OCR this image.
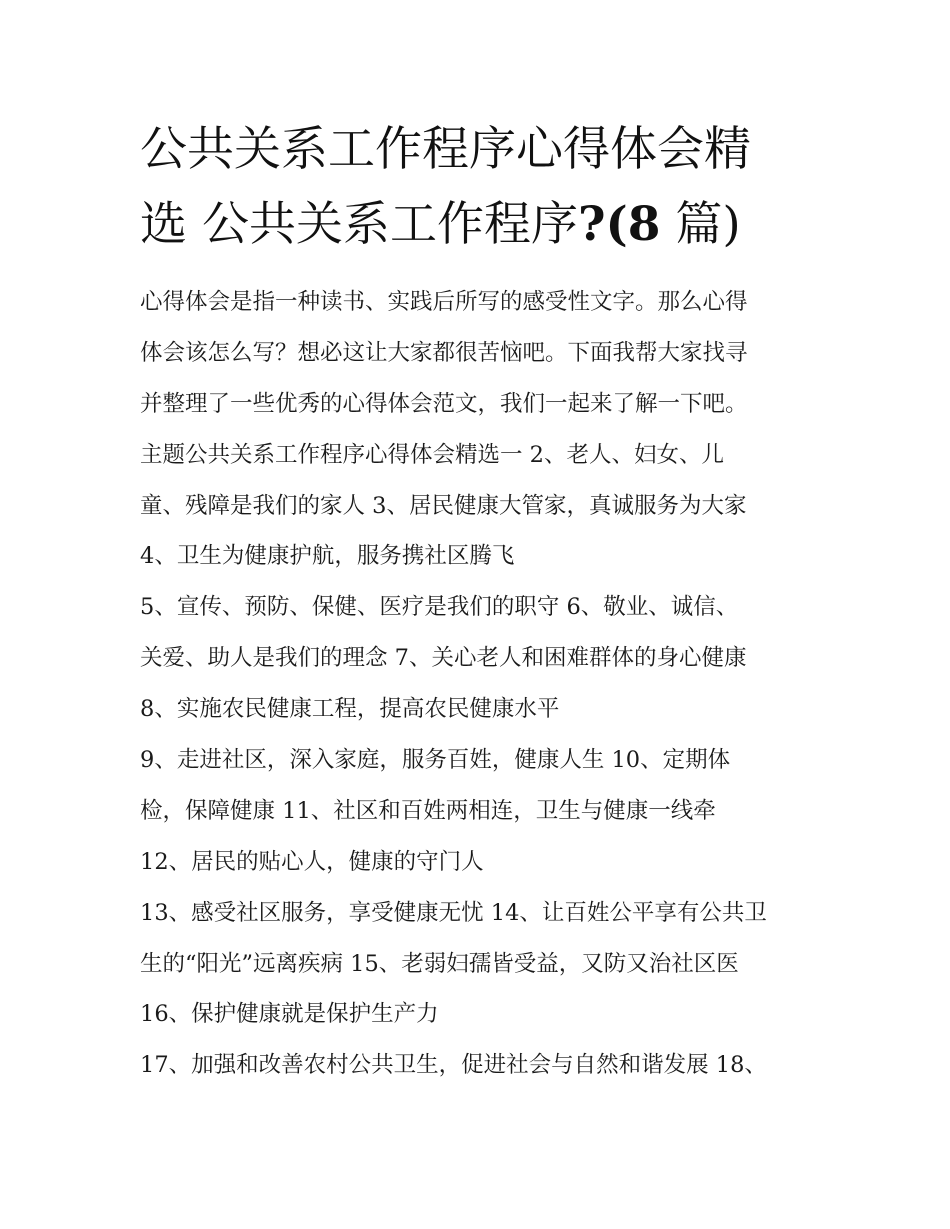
公共关系工作程序心得体会精
选 公共关系工作程序?(8 篇)
心得体会是指一种读书、实践后所写的感受性文字。那么心得
体会该怎么写？想必这让大家都很苦恼吧。下面我帮大家找寻
并整理了一些优秀的心得体会范文，我们一起来了解一下吧。
主题公共关系工作程序心得体会精选一 2、老人、妇女、儿
童、残障是我们的家人 3、居民健康大管家，真诚服务为大家
4、卫生为健康护航，服务携社区腾飞
5、宣传、预防、保健、医疗是我们的职守 6、敬业、诚信、
关爱、助人是我们的理念 7、关心老人和困难群体的身心健康
8、实施农民健康工程，提高农民健康水平
9、走进社区，深入家庭，服务百姓，健康人生 10、定期体
检，保障健康 11、社区和百姓两相连，卫生与健康一线牵
12、居民的贴心人，健康的守门人
13、感受社区服务，享受健康无忧 14、让百姓公平享有公共卫
生的“阳光”远离疾病 15、老弱妇孺皆受益，又防又治社区医
16、保护健康就是保护生产力
17、加强和改善农村公共卫生，促进社会与自然和谐发展 18、
